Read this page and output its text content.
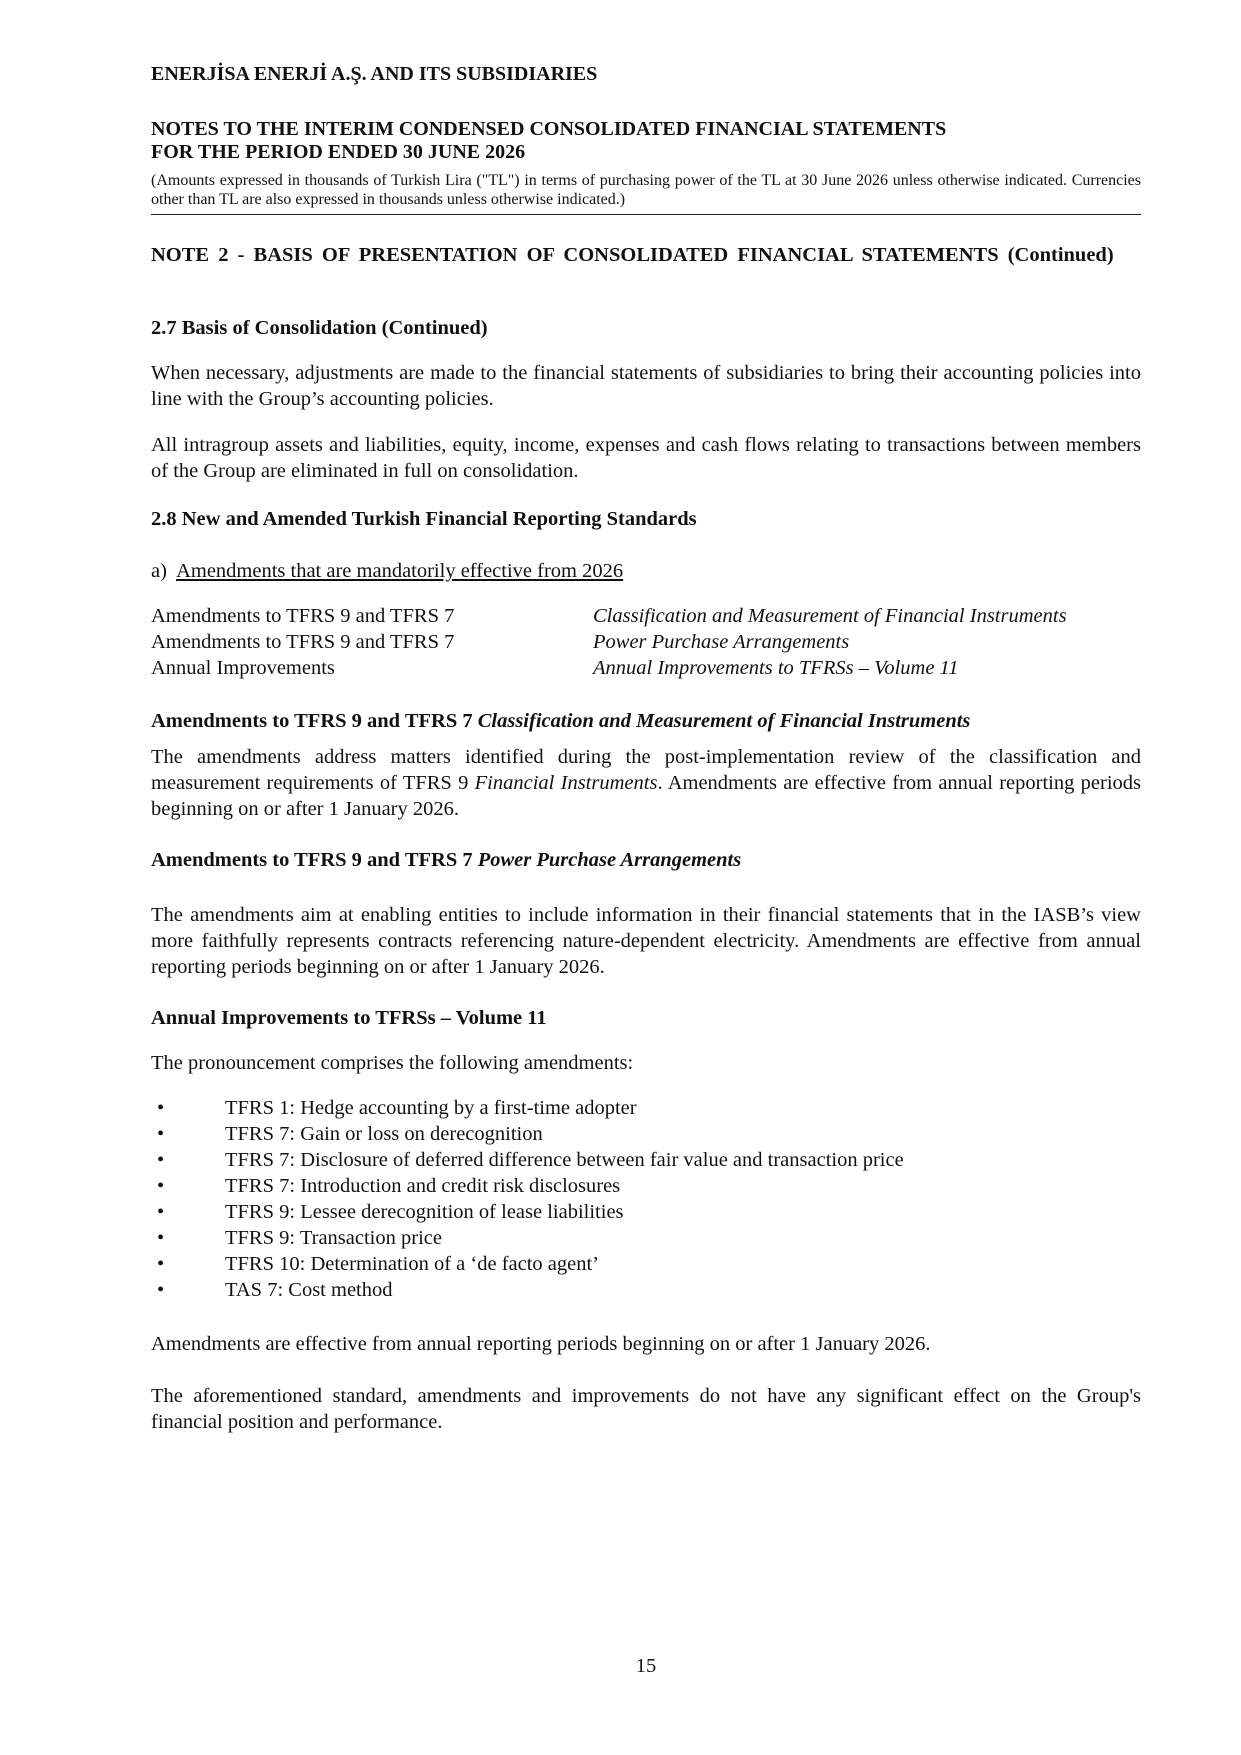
ENERJİSA ENERJİ A.Ş. AND ITS SUBSIDIARIES
NOTES TO THE INTERIM CONDENSED CONSOLIDATED FINANCIAL STATEMENTS
FOR THE PERIOD ENDED 30 JUNE 2026
(Amounts expressed in thousands of Turkish Lira ("TL") in terms of purchasing power of the TL at 30 June 2026 unless otherwise indicated. Currencies other than TL are also expressed in thousands unless otherwise indicated.)
NOTE 2 - BASIS OF PRESENTATION OF CONSOLIDATED FINANCIAL STATEMENTS (Continued)
2.7 Basis of Consolidation (Continued)
When necessary, adjustments are made to the financial statements of subsidiaries to bring their accounting policies into line with the Group’s accounting policies.
All intragroup assets and liabilities, equity, income, expenses and cash flows relating to transactions between members of the Group are eliminated in full on consolidation.
2.8 New and Amended Turkish Financial Reporting Standards
a) Amendments that are mandatorily effective from 2026
Amendments to TFRS 9 and TFRS 7	Classification and Measurement of Financial Instruments
Amendments to TFRS 9 and TFRS 7	Power Purchase Arrangements
Annual Improvements	Annual Improvements to TFRSs – Volume 11
Amendments to TFRS 9 and TFRS 7 Classification and Measurement of Financial Instruments
The amendments address matters identified during the post-implementation review of the classification and measurement requirements of TFRS 9 Financial Instruments. Amendments are effective from annual reporting periods beginning on or after 1 January 2026.
Amendments to TFRS 9 and TFRS 7 Power Purchase Arrangements
The amendments aim at enabling entities to include information in their financial statements that in the IASB’s view more faithfully represents contracts referencing nature-dependent electricity. Amendments are effective from annual reporting periods beginning on or after 1 January 2026.
Annual Improvements to TFRSs – Volume 11
The pronouncement comprises the following amendments:
•	TFRS 1: Hedge accounting by a first-time adopter
•	TFRS 7: Gain or loss on derecognition
•	TFRS 7: Disclosure of deferred difference between fair value and transaction price
•	TFRS 7: Introduction and credit risk disclosures
•	TFRS 9: Lessee derecognition of lease liabilities
•	TFRS 9: Transaction price
•	TFRS 10: Determination of a ‘de facto agent’
•	TAS 7: Cost method
Amendments are effective from annual reporting periods beginning on or after 1 January 2026.
The aforementioned standard, amendments and improvements do not have any significant effect on the Group's financial position and performance.
15
